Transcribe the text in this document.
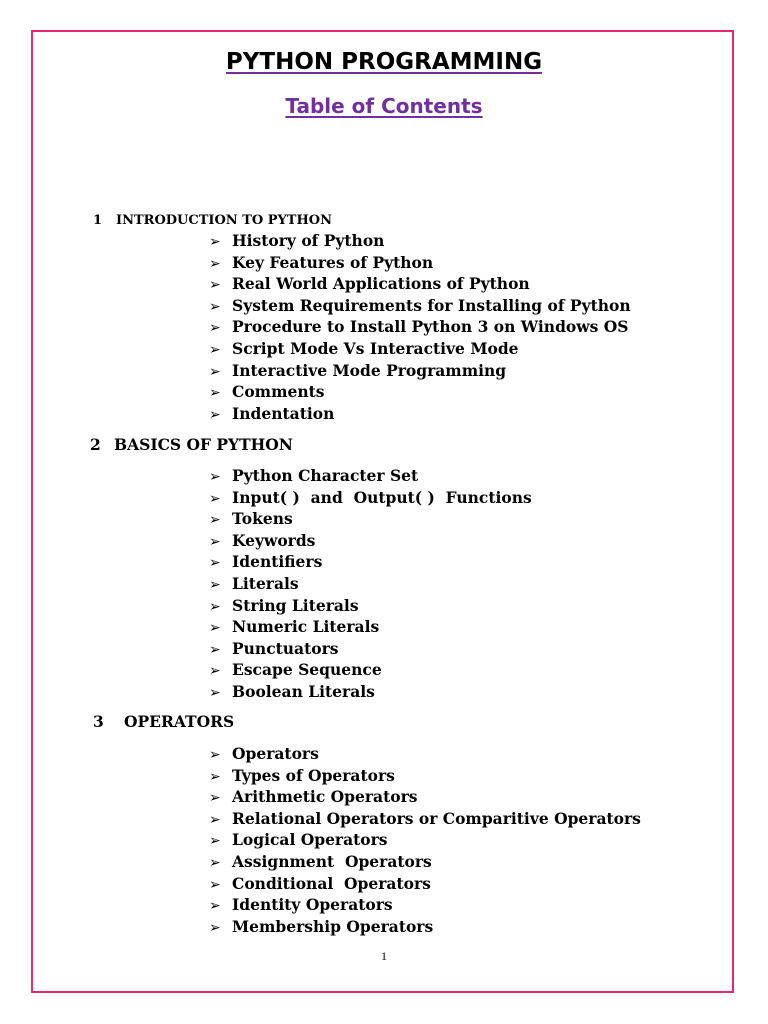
PYTHON PROGRAMMING
Table of Contents
1 INTRODUCTION TO PYTHON
➢ History of Python
➢ Key Features of Python
➢ Real World Applications of Python
➢ System Requirements for Installing of Python
➢ Procedure to Install Python 3 on Windows OS
➢ Script Mode Vs Interactive Mode
➢ Interactive Mode Programming
➢ Comments
➢ Indentation
2 BASICS OF PYTHON
➢ Python Character Set
➢ Input( )  and  Output( )  Functions
➢ Tokens
➢ Keywords
➢ Identifiers
➢ Literals
➢ String Literals
➢ Numeric Literals
➢ Punctuators
➢ Escape Sequence
➢ Boolean Literals
3 OPERATORS
➢ Operators
➢ Types of Operators
➢ Arithmetic Operators
➢ Relational Operators or Comparitive Operators
➢ Logical Operators
➢ Assignment  Operators
➢ Conditional  Operators
➢ Identity Operators
➢ Membership Operators
1
